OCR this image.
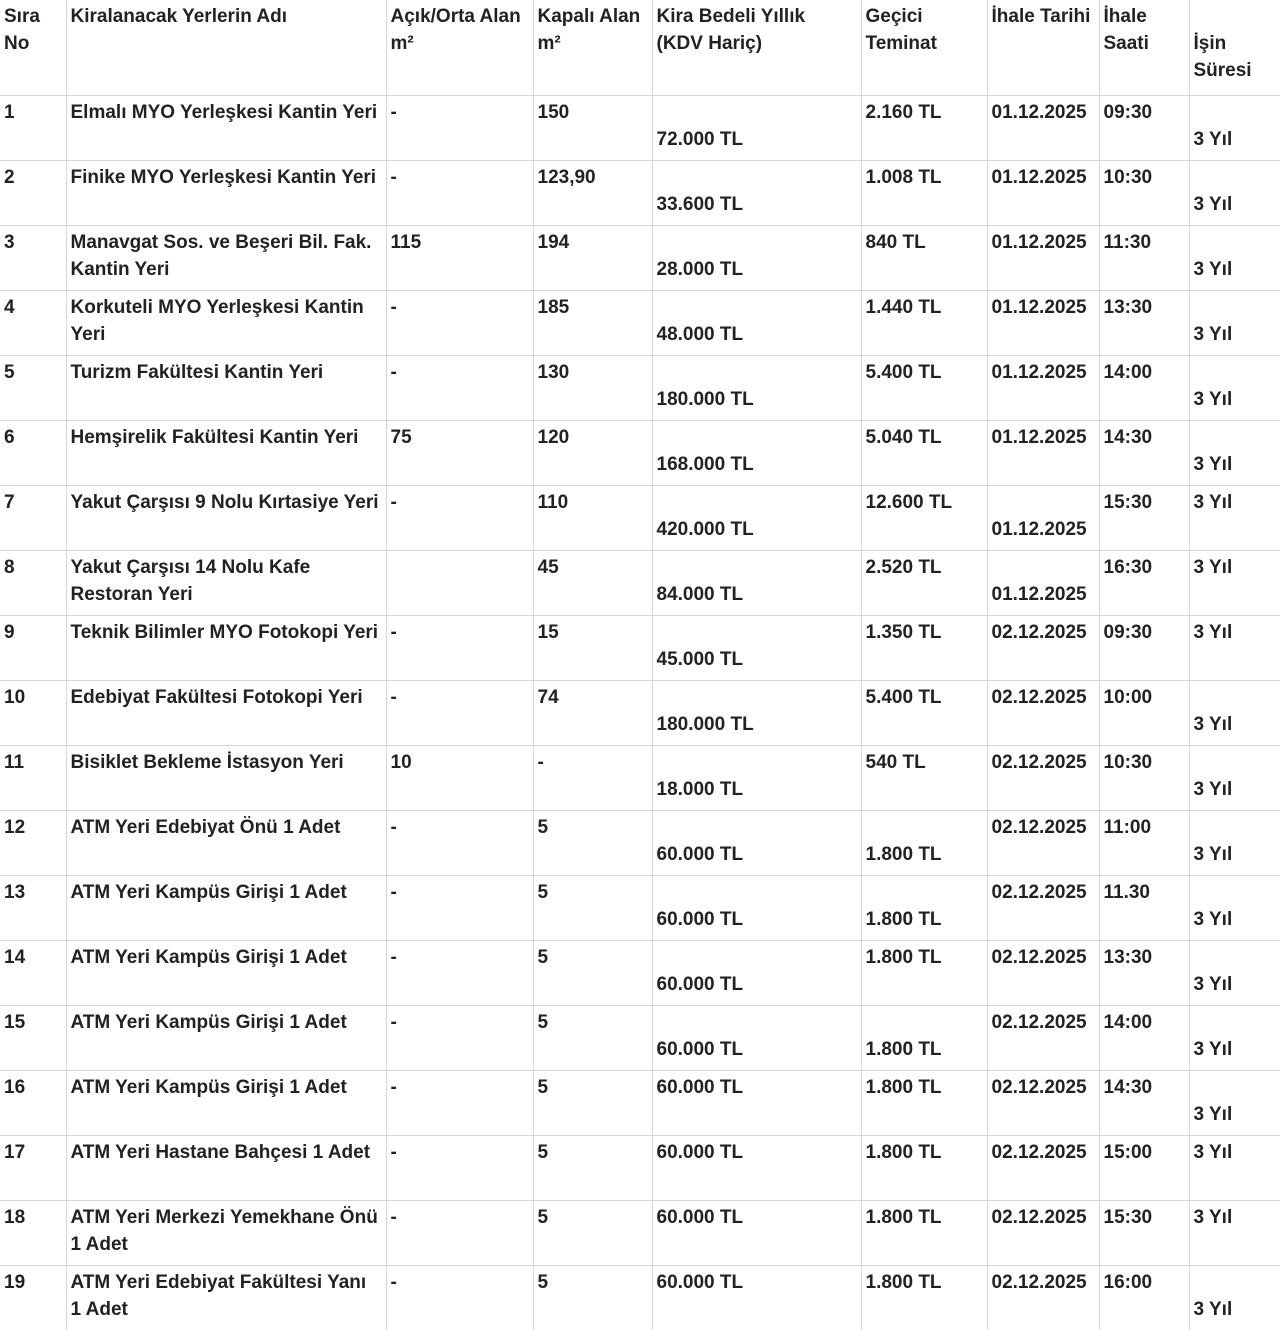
Sıra No	Kiralanacak Yerlerin Adı	Açık/Orta Alan m²	Kapalı Alan m²	Kira Bedeli Yıllık (KDV Hariç)	Geçici Teminat	İhale Tarihi	İhale Saati	İşin Süresi

1	Elmalı MYO Yerleşkesi Kantin Yeri	-	150	72.000 TL	2.160 TL	01.12.2025	09:30	3 Yıl

2	Finike MYO Yerleşkesi Kantin Yeri	-	123,90	33.600 TL	1.008 TL	01.12.2025	10:30	3 Yıl

3	Manavgat Sos. ve Beşeri Bil. Fak. Kantin Yeri	115	194	28.000 TL	840 TL	01.12.2025	11:30	3 Yıl

4	Korkuteli MYO Yerleşkesi Kantin Yeri	-	185	48.000 TL	1.440 TL	01.12.2025	13:30	3 Yıl

5	Turizm Fakültesi Kantin Yeri	-	130	180.000 TL	5.400 TL	01.12.2025	14:00	3 Yıl

6	Hemşirelik Fakültesi Kantin Yeri	75	120	168.000 TL	5.040 TL	01.12.2025	14:30	3 Yıl

7	Yakut Çarşısı 9 Nolu Kırtasiye Yeri	-	110	420.000 TL	12.600 TL	01.12.2025	15:30	3 Yıl

8	Yakut Çarşısı 14 Nolu Kafe Restoran Yeri		45	84.000 TL	2.520 TL	01.12.2025	16:30	3 Yıl

9	Teknik Bilimler MYO Fotokopi Yeri	-	15	45.000 TL	1.350 TL	02.12.2025	09:30	3 Yıl

10	Edebiyat Fakültesi Fotokopi Yeri	-	74	180.000 TL	5.400 TL	02.12.2025	10:00	3 Yıl

11	Bisiklet Bekleme İstasyon Yeri	10	-	18.000 TL	540 TL	02.12.2025	10:30	3 Yıl

12	ATM Yeri Edebiyat Önü 1 Adet	-	5	60.000 TL	1.800 TL	02.12.2025	11:00	3 Yıl

13	ATM Yeri Kampüs Girişi 1 Adet	-	5	60.000 TL	1.800 TL	02.12.2025	11.30	3 Yıl

14	ATM Yeri Kampüs Girişi 1 Adet	-	5	60.000 TL	1.800 TL	02.12.2025	13:30	3 Yıl

15	ATM Yeri Kampüs Girişi 1 Adet	-	5	60.000 TL	1.800 TL	02.12.2025	14:00	3 Yıl

16	ATM Yeri Kampüs Girişi 1 Adet	-	5	60.000 TL	1.800 TL	02.12.2025	14:30	3 Yıl

17	ATM Yeri Hastane Bahçesi 1 Adet	-	5	60.000 TL	1.800 TL	02.12.2025	15:00	3 Yıl

18	ATM Yeri Merkezi Yemekhane Önü 1 Adet	-	5	60.000 TL	1.800 TL	02.12.2025	15:30	3 Yıl

19	ATM Yeri Edebiyat Fakültesi Yanı 1 Adet	-	5	60.000 TL	1.800 TL	02.12.2025	16:00	3 Yıl
